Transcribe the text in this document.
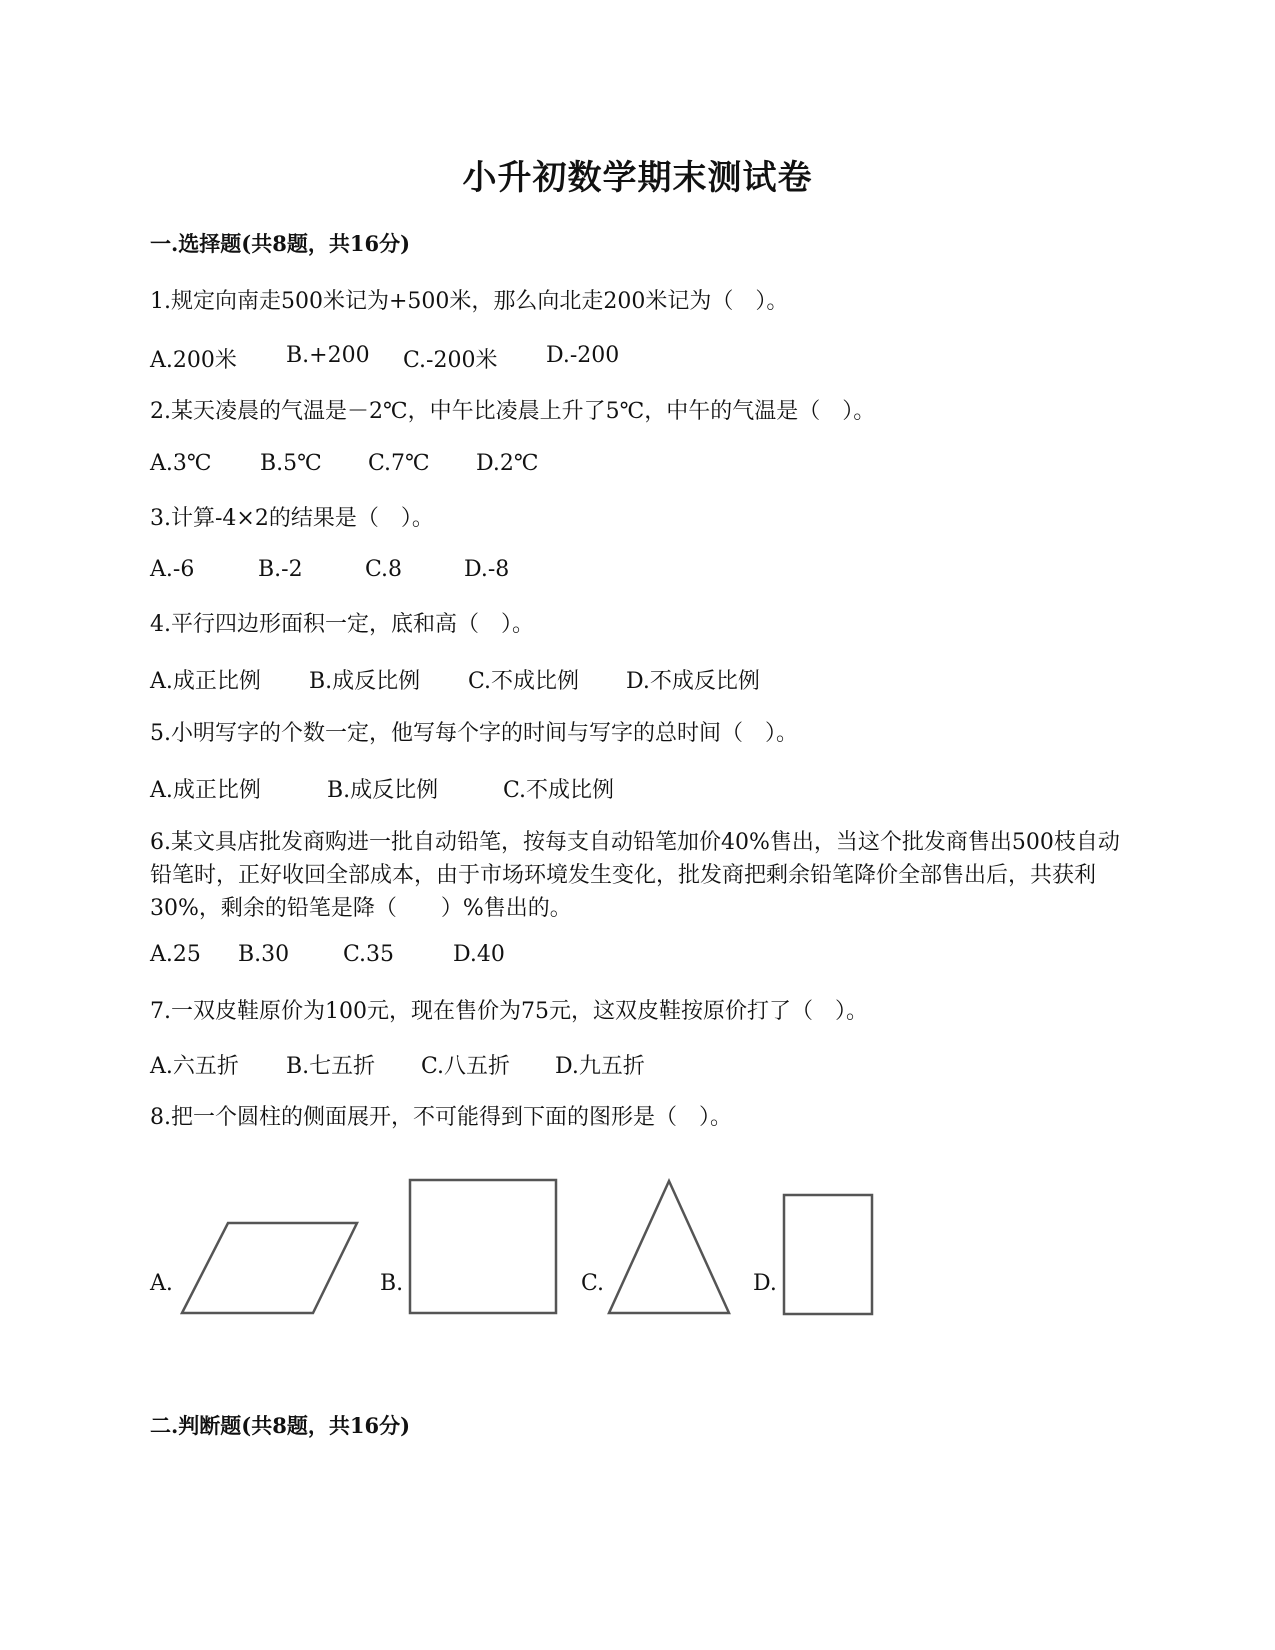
小升初数学期末测试卷
一.选择题(共8题，共16分)
1.规定向南走500米记为+500米，那么向北走200米记为（　）。
A.200米 B.+200 C.-200米 D.-200
2.某天凌晨的气温是－2℃，中午比凌晨上升了5℃，中午的气温是（　）。
A.3℃ B.5℃ C.7℃ D.2℃
3.计算-4×2的结果是（　）。
A.-6	B.-2	C.8	D.-8
4.平行四边形面积一定，底和高（　）。
A.成正比例 B.成反比例 C.不成比例 D.不成反比例
5.小明写字的个数一定，他写每个字的时间与写字的总时间（　）。
A.成正比例	B.成反比例	C.不成比例
6.某文具店批发商购进一批自动铅笔，按每支自动铅笔加价40%售出，当这个批发商售出500枝自动铅笔时，正好收回全部成本，由于市场环境发生变化，批发商把剩余铅笔降价全部售出后，共获利30%，剩余的铅笔是降（　　）%售出的。
A.25 B.30 C.35	D.40
7.一双皮鞋原价为100元，现在售价为75元，这双皮鞋按原价打了（　）。
A.六五折 B.七五折 C.八五折 D.九五折
8.把一个圆柱的侧面展开，不可能得到下面的图形是（　）。
A.	B.	C.	D.
二.判断题(共8题，共16分)
